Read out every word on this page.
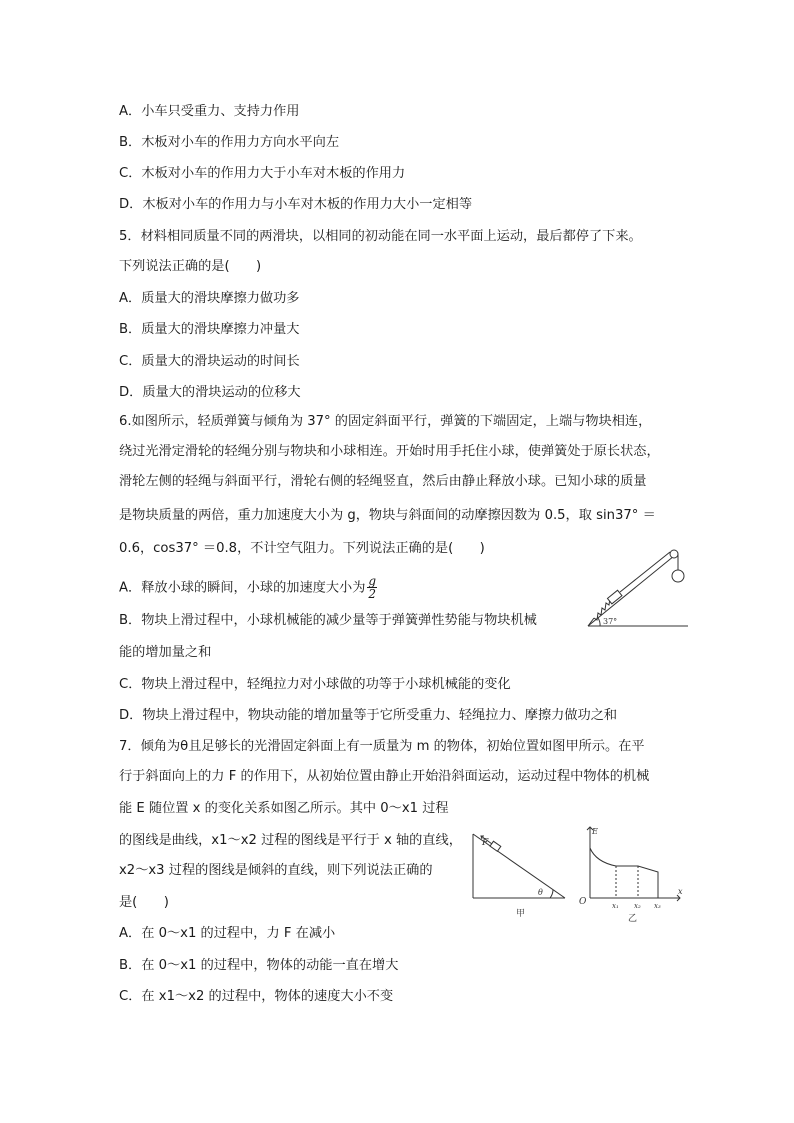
A．小车只受重力、支持力作用
B．木板对小车的作用力方向水平向左
C．木板对小车的作用力大于小车对木板的作用力
D．木板对小车的作用力与小车对木板的作用力大小一定相等
5．材料相同质量不同的两滑块，以相同的初动能在同一水平面上运动，最后都停了下来。
下列说法正确的是(　　)
A．质量大的滑块摩擦力做功多
B．质量大的滑块摩擦力冲量大
C．质量大的滑块运动的时间长
D．质量大的滑块运动的位移大
6.如图所示，轻质弹簧与倾角为 37° 的固定斜面平行，弹簧的下端固定，上端与物块相连，
绕过光滑定滑轮的轻绳分别与物块和小球相连。开始时用手托住小球，使弹簧处于原长状态，
滑轮左侧的轻绳与斜面平行，滑轮右侧的轻绳竖直，然后由静止释放小球。已知小球的质量
是物块质量的两倍，重力加速度大小为 g，物块与斜面间的动摩擦因数为 0.5，取 sin37° ＝
0.6，cos37° ＝0.8，不计空气阻力。下列说法正确的是(　　)
A．释放小球的瞬间，小球的加速度大小为 $\frac{g}{2}$
B．物块上滑过程中，小球机械能的减少量等于弹簧弹性势能与物块机械
能的增加量之和
C．物块上滑过程中，轻绳拉力对小球做的功等于小球机械能的变化
D．物块上滑过程中，物块动能的增加量等于它所受重力、轻绳拉力、摩擦力做功之和
37°
7．倾角为θ且足够长的光滑固定斜面上有一质量为 m 的物体，初始位置如图甲所示。在平
行于斜面向上的力 F 的作用下，从初始位置由静止开始沿斜面运动，运动过程中物体的机械
能 E 随位置 x 的变化关系如图乙所示。其中 0～x1 过程
的图线是曲线，x1～x2 过程的图线是平行于 x 轴的直线，
x2～x3 过程的图线是倾斜的直线，则下列说法正确的
是(　　)
A．在 0～x1 的过程中，力 F 在减小
B．在 0～x1 的过程中，物体的动能一直在增大
C．在 x1～x2 的过程中，物体的速度大小不变
F
θ
甲
E
x
O	x₁ x₂ x₃
乙
